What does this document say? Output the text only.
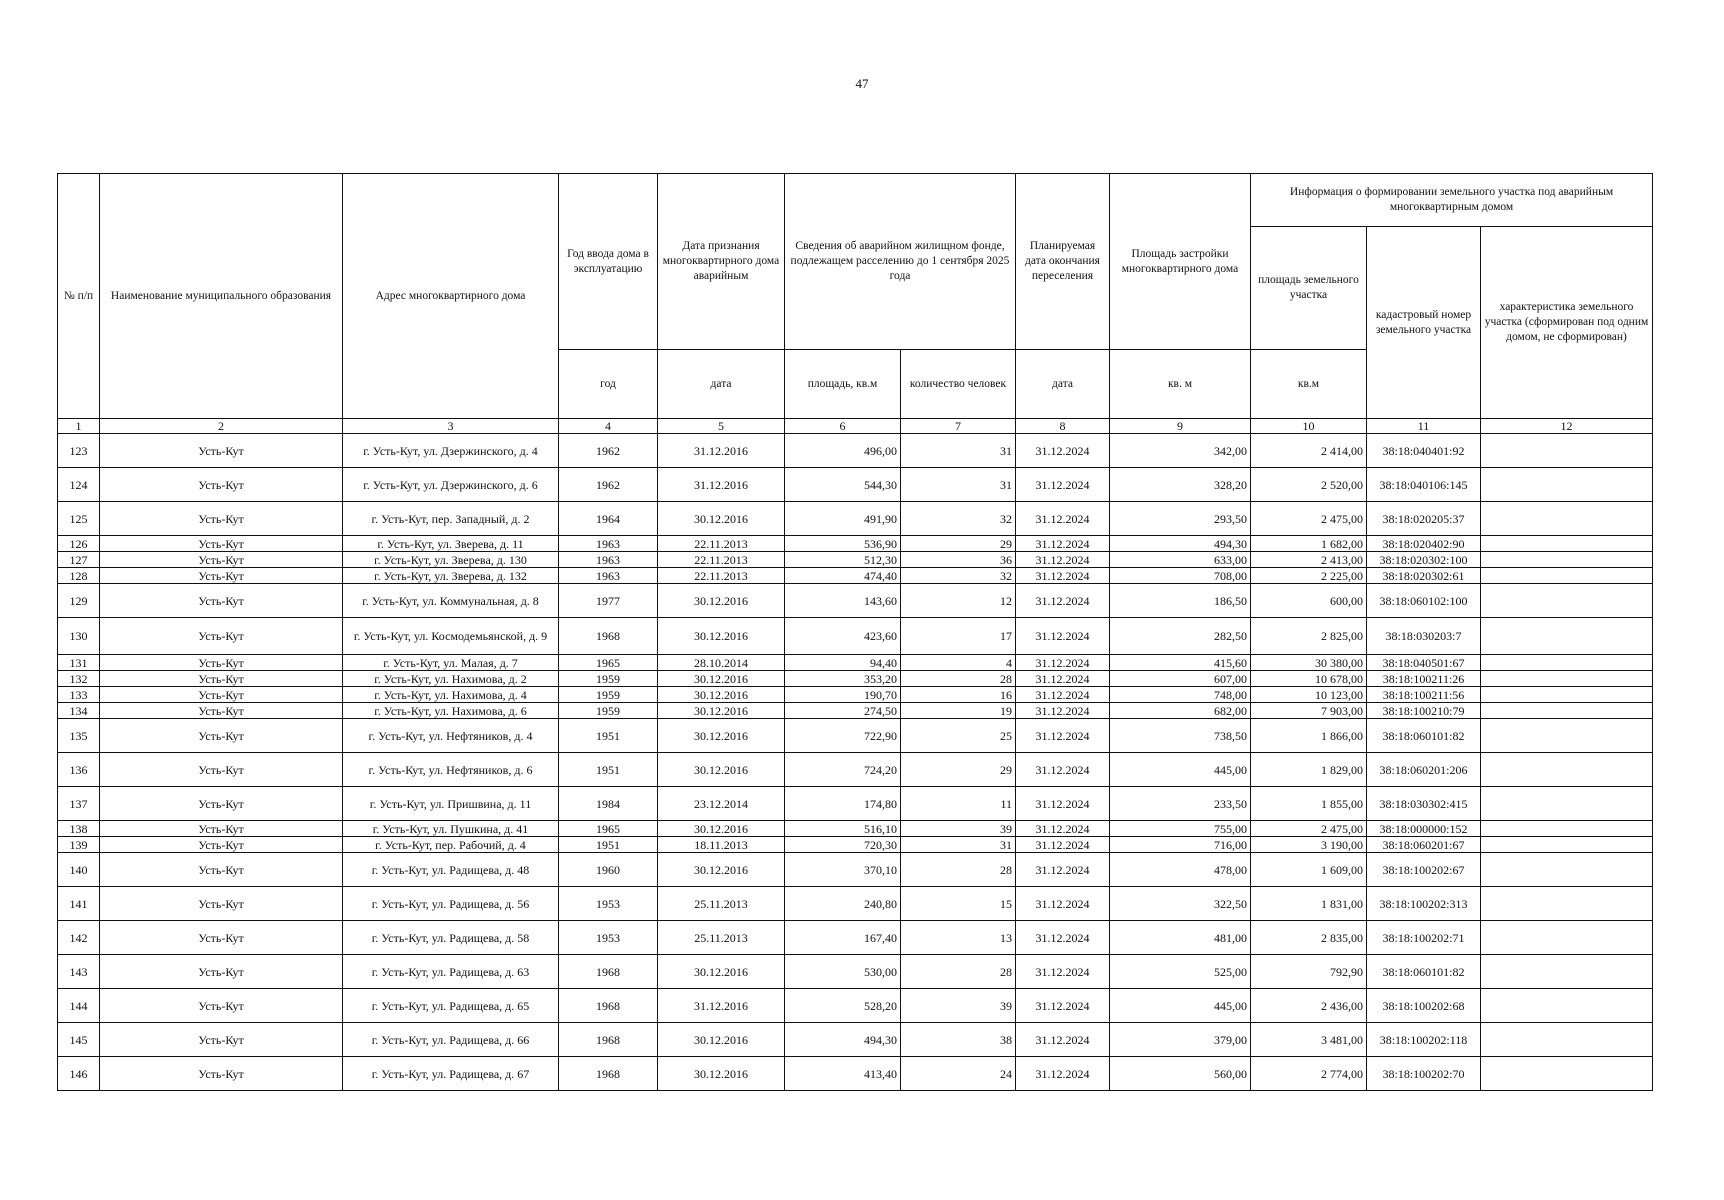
47
№ п/п	Наименование муниципального образования	Адрес многоквартирного дома	Год ввода дома в эксплуатацию	Дата признания многоквартирного дома аварийным	Сведения об аварийном жилищном фонде, подлежащем расселению до 1 сентября 2025 года		Планируемая дата окончания переселения	Площадь застройки многоквартирного дома	Информация о формировании земельного участка под аварийным многоквартирным домом		
									площадь земельного участка	кадастровый номер земельного участка	характеристика земельного участка (сформирован под одним домом, не сформирован)
			год	дата	площадь, кв.м	количество человек	дата	кв. м	кв.м		
1	2	3	4	5	6	7	8	9	10	11	12
123	Усть-Кут	г. Усть-Кут, ул. Дзержинского, д. 4	1962	31.12.2016	496,00	31	31.12.2024	342,00	2 414,00	38:18:040401:92	
124	Усть-Кут	г. Усть-Кут, ул. Дзержинского, д. 6	1962	31.12.2016	544,30	31	31.12.2024	328,20	2 520,00	38:18:040106:145	
125	Усть-Кут	г. Усть-Кут, пер. Западный, д. 2	1964	30.12.2016	491,90	32	31.12.2024	293,50	2 475,00	38:18:020205:37	
126	Усть-Кут	г. Усть-Кут, ул. Зверева, д. 11	1963	22.11.2013	536,90	29	31.12.2024	494,30	1 682,00	38:18:020402:90	
127	Усть-Кут	г. Усть-Кут, ул. Зверева, д. 130	1963	22.11.2013	512,30	36	31.12.2024	633,00	2 413,00	38:18:020302:100	
128	Усть-Кут	г. Усть-Кут, ул. Зверева, д. 132	1963	22.11.2013	474,40	32	31.12.2024	708,00	2 225,00	38:18:020302:61	
129	Усть-Кут	г. Усть-Кут, ул. Коммунальная, д. 8	1977	30.12.2016	143,60	12	31.12.2024	186,50	600,00	38:18:060102:100	
130	Усть-Кут	г. Усть-Кут, ул. Космодемьянской, д. 9	1968	30.12.2016	423,60	17	31.12.2024	282,50	2 825,00	38:18:030203:7	
131	Усть-Кут	г. Усть-Кут, ул. Малая, д. 7	1965	28.10.2014	94,40	4	31.12.2024	415,60	30 380,00	38:18:040501:67	
132	Усть-Кут	г. Усть-Кут, ул. Нахимова, д. 2	1959	30.12.2016	353,20	28	31.12.2024	607,00	10 678,00	38:18:100211:26	
133	Усть-Кут	г. Усть-Кут, ул. Нахимова, д. 4	1959	30.12.2016	190,70	16	31.12.2024	748,00	10 123,00	38:18:100211:56	
134	Усть-Кут	г. Усть-Кут, ул. Нахимова, д. 6	1959	30.12.2016	274,50	19	31.12.2024	682,00	7 903,00	38:18:100210:79	
135	Усть-Кут	г. Усть-Кут, ул. Нефтяников, д. 4	1951	30.12.2016	722,90	25	31.12.2024	738,50	1 866,00	38:18:060101:82	
136	Усть-Кут	г. Усть-Кут, ул. Нефтяников, д. 6	1951	30.12.2016	724,20	29	31.12.2024	445,00	1 829,00	38:18:060201:206	
137	Усть-Кут	г. Усть-Кут, ул. Пришвина, д. 11	1984	23.12.2014	174,80	11	31.12.2024	233,50	1 855,00	38:18:030302:415	
138	Усть-Кут	г. Усть-Кут, ул. Пушкина, д. 41	1965	30.12.2016	516,10	39	31.12.2024	755,00	2 475,00	38:18:000000:152	
139	Усть-Кут	г. Усть-Кут, пер. Рабочий, д. 4	1951	18.11.2013	720,30	31	31.12.2024	716,00	3 190,00	38:18:060201:67	
140	Усть-Кут	г. Усть-Кут, ул. Радищева, д. 48	1960	30.12.2016	370,10	28	31.12.2024	478,00	1 609,00	38:18:100202:67	
141	Усть-Кут	г. Усть-Кут, ул. Радищева, д. 56	1953	25.11.2013	240,80	15	31.12.2024	322,50	1 831,00	38:18:100202:313	
142	Усть-Кут	г. Усть-Кут, ул. Радищева, д. 58	1953	25.11.2013	167,40	13	31.12.2024	481,00	2 835,00	38:18:100202:71	
143	Усть-Кут	г. Усть-Кут, ул. Радищева, д. 63	1968	30.12.2016	530,00	28	31.12.2024	525,00	792,90	38:18:060101:82	
144	Усть-Кут	г. Усть-Кут, ул. Радищева, д. 65	1968	31.12.2016	528,20	39	31.12.2024	445,00	2 436,00	38:18:100202:68	
145	Усть-Кут	г. Усть-Кут, ул. Радищева, д. 66	1968	30.12.2016	494,30	38	31.12.2024	379,00	3 481,00	38:18:100202:118	
146	Усть-Кут	г. Усть-Кут, ул. Радищева, д. 67	1968	30.12.2016	413,40	24	31.12.2024	560,00	2 774,00	38:18:100202:70	
